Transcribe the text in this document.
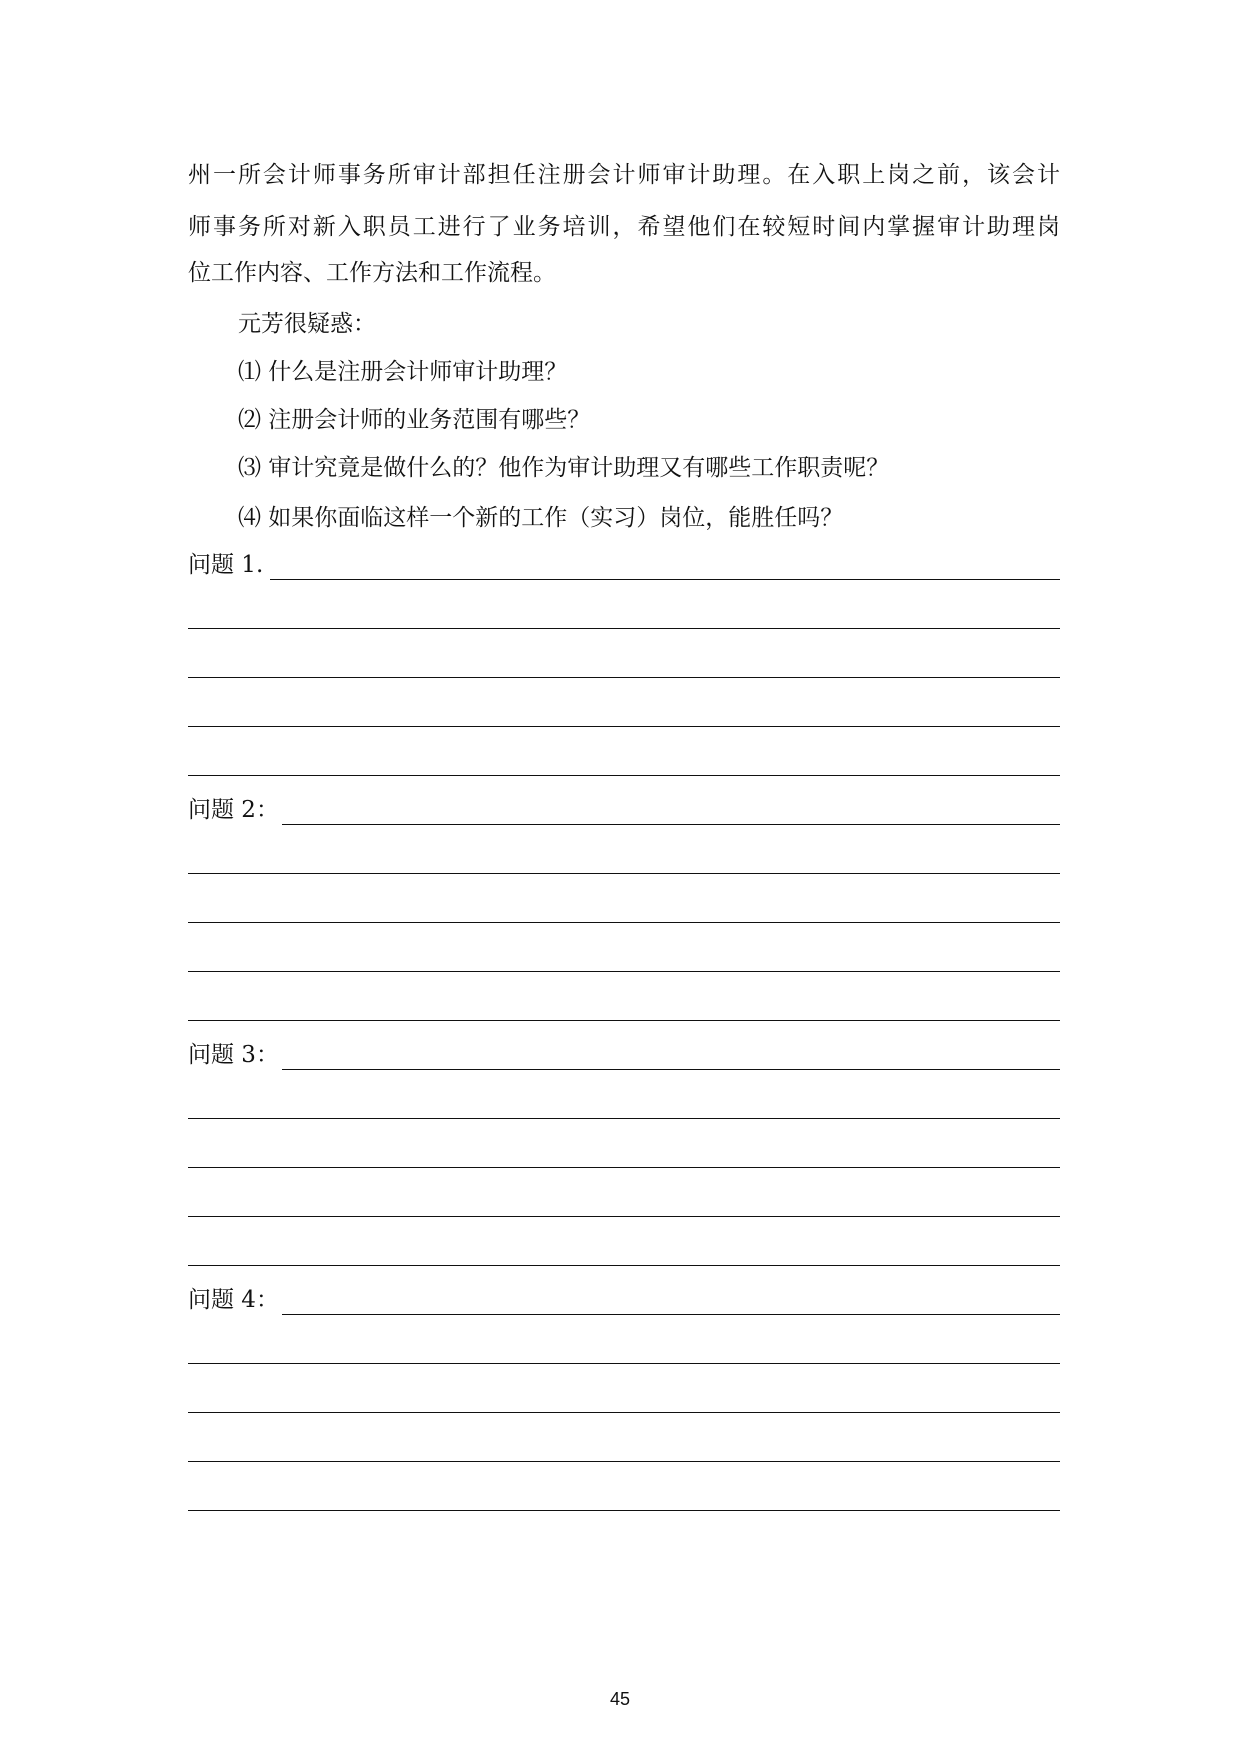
州一所会计师事务所审计部担任注册会计师审计助理。在入职上岗之前，该会计
师事务所对新入职员工进行了业务培训，希望他们在较短时间内掌握审计助理岗
位工作内容、工作方法和工作流程。
元芳很疑惑：
⑴ 什么是注册会计师审计助理？
⑵ 注册会计师的业务范围有哪些？
⑶ 审计究竟是做什么的？他作为审计助理又有哪些工作职责呢？
⑷ 如果你面临这样一个新的工作（实习）岗位，能胜任吗？
问题 1.
问题 2：
问题 3：
问题 4：
45
